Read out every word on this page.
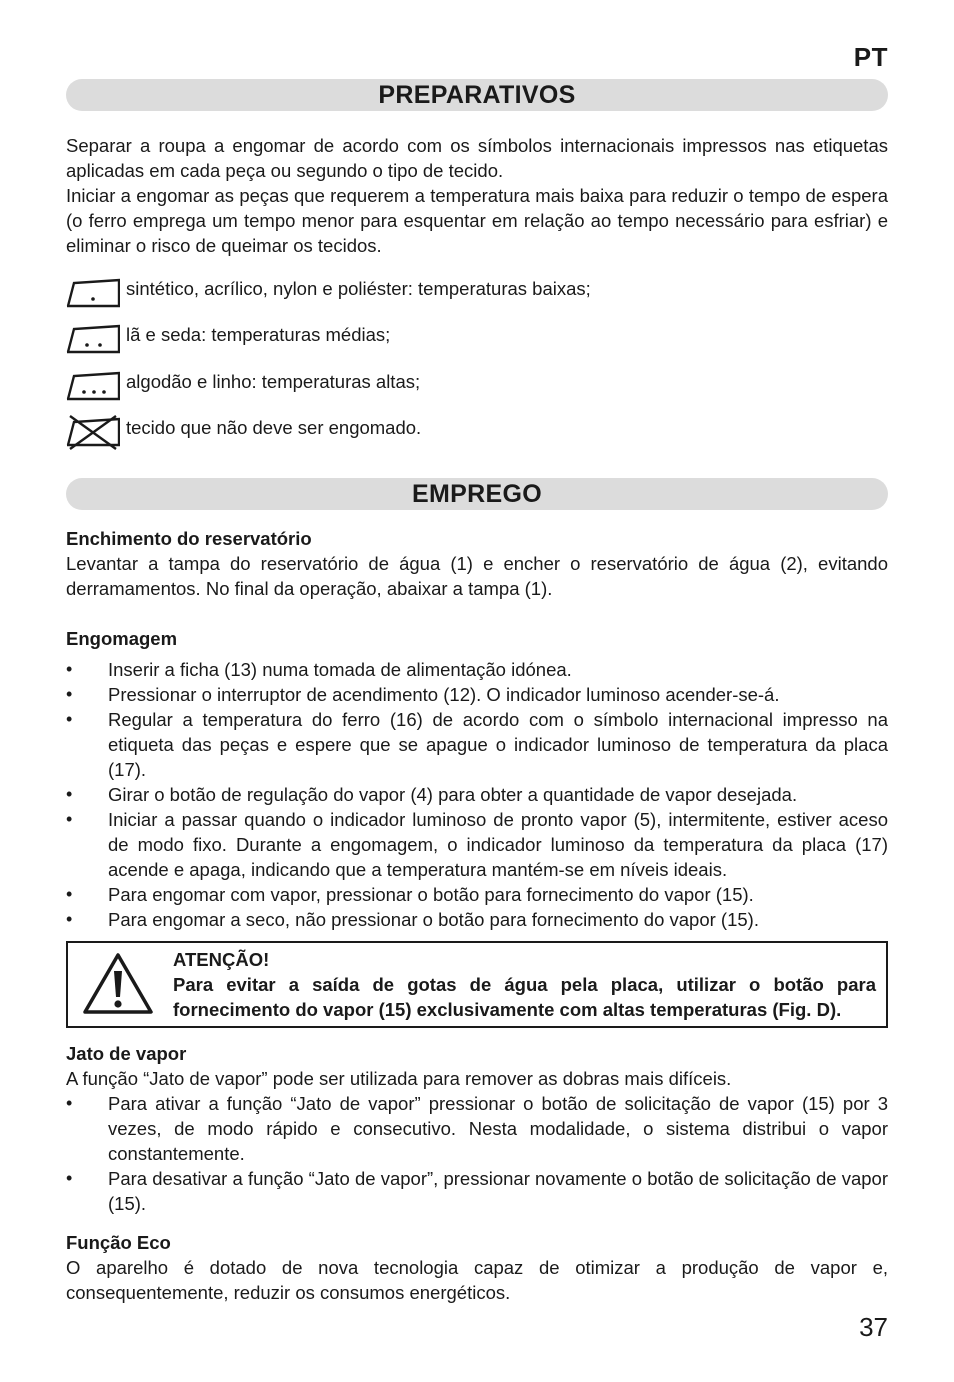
PT
PREPARATIVOS

Separar a roupa a engomar de acordo com os símbolos internacionais impressos nas etiquetas aplicadas em cada peça ou segundo o tipo de tecido.

Iniciar a engomar as peças que requerem a temperatura mais baixa para reduzir o tempo de espera (o ferro emprega um tempo menor para esquentar em relação ao tempo necessário para esfriar) e eliminar o risco de queimar os tecidos.

sintético, acrílico, nylon e poliéster: temperaturas baixas;
lã e seda: temperaturas médias;
algodão e linho: temperaturas altas;
tecido que não deve ser engomado.
EMPREGO

Enchimento do reservatório

Levantar a tampa do reservatório de água (1) e encher o reservatório de água (2), evitando derramamentos. No final da operação, abaixar a tampa (1).

Engomagem

• Inserir a ficha (13) numa tomada de alimentação idónea.
• Pressionar o interruptor de acendimento (12). O indicador luminoso acender-se-á.
• Regular a temperatura do ferro (16) de acordo com o símbolo internacional impresso na etiqueta das peças e espere que se apague o indicador luminoso de temperatura da placa (17).
• Girar o botão de regulação do vapor (4) para obter a quantidade de vapor desejada.
• Iniciar a passar quando o indicador luminoso de pronto vapor (5), intermitente, estiver aceso de modo fixo. Durante a engomagem, o indicador luminoso da temperatura da placa (17) acende e apaga, indicando que a temperatura mantém-se em níveis ideais.
• Para engomar com vapor, pressionar o botão para fornecimento do vapor (15).
• Para engomar a seco, não pressionar o botão para fornecimento do vapor (15).
ATENÇÃO!
Para evitar a saída de gotas de água pela placa, utilizar o botão para fornecimento do vapor (15) exclusivamente com altas temperaturas (Fig. D).

Jato de vapor

A função “Jato de vapor” pode ser utilizada para remover as dobras mais difíceis.

• Para ativar a função “Jato de vapor” pressionar o botão de solicitação de vapor (15) por 3 vezes, de modo rápido e consecutivo. Nesta modalidade, o sistema distribui o vapor constantemente.
• Para desativar a função “Jato de vapor”, pressionar novamente o botão de solicitação de vapor (15).

Função Eco

O aparelho é dotado de nova tecnologia capaz de otimizar a produção de vapor e, consequentemente, reduzir os consumos energéticos.

37
